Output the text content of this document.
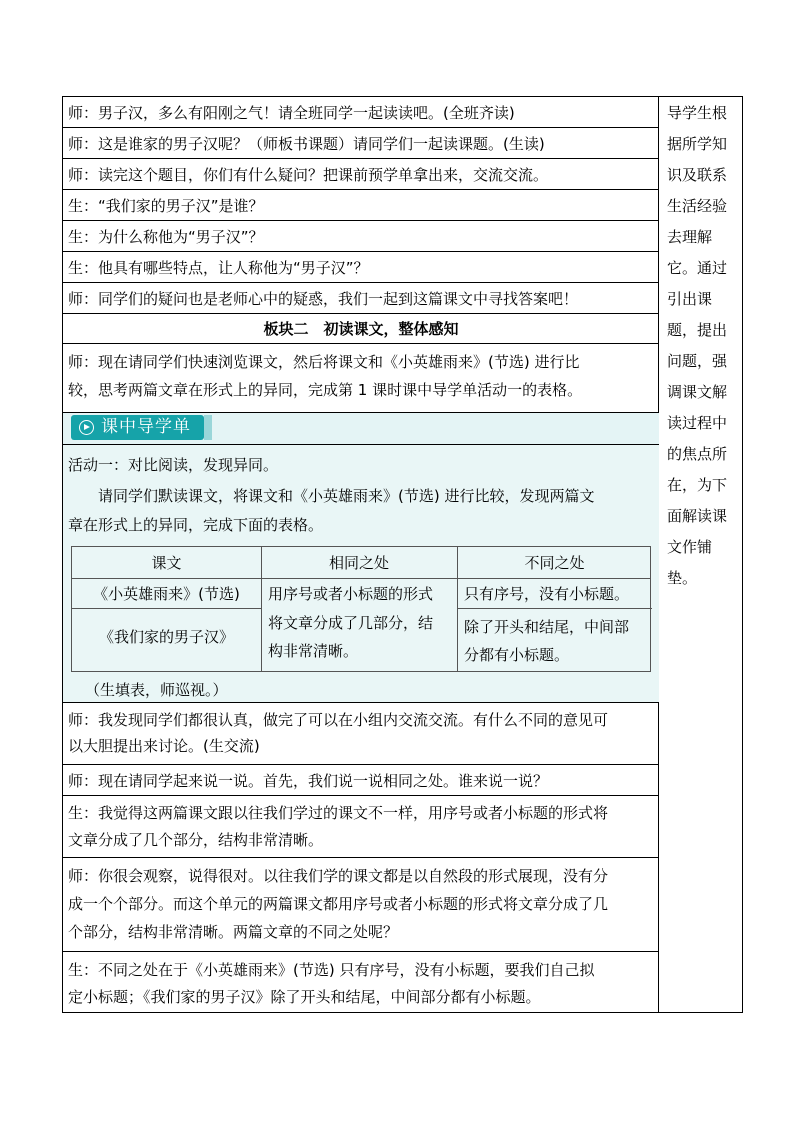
师：男子汉，多么有阳刚之气！请全班同学一起读读吧。(全班齐读)
师：这是谁家的男子汉呢？（师板书课题）请同学们一起读课题。(生读)
师：读完这个题目，你们有什么疑问？把课前预学单拿出来，交流交流。
生：“我们家的男子汉”是谁？
生：为什么称他为“男子汉”？
生：他具有哪些特点，让人称他为“男子汉”？
师：同学们的疑问也是老师心中的疑惑，我们一起到这篇课文中寻找答案吧！
板块二　初读课文，整体感知
师：现在请同学们快速浏览课文，然后将课文和《小英雄雨来》(节选) 进行比
较，思考两篇文章在形式上的异同，完成第 1 课时课中导学单活动一的表格。
课中导学单
活动一：对比阅读，发现异同。
请同学们默读课文，将课文和《小英雄雨来》(节选) 进行比较，发现两篇文
章在形式上的异同，完成下面的表格。
课文	相同之处	不同之处
《小英雄雨来》(节选)
《我们家的男子汉》
用序号或者小标题的形式
将文章分成了几部分，结
构非常清晰。
只有序号，没有小标题。
除了开头和结尾，中间部
分都有小标题。
（生填表，师巡视。）
师：我发现同学们都很认真，做完了可以在小组内交流交流。有什么不同的意见可
以大胆提出来讨论。(生交流)
师：现在请同学起来说一说。首先，我们说一说相同之处。谁来说一说？
生：我觉得这两篇课文跟以往我们学过的课文不一样，用序号或者小标题的形式将
文章分成了几个部分，结构非常清晰。
师：你很会观察，说得很对。以往我们学的课文都是以自然段的形式展现，没有分
成一个个部分。而这个单元的两篇课文都用序号或者小标题的形式将文章分成了几
个部分，结构非常清晰。两篇文章的不同之处呢？
生：不同之处在于《小英雄雨来》(节选) 只有序号，没有小标题，要我们自己拟
定小标题；《我们家的男子汉》除了开头和结尾，中间部分都有小标题。
导学生根
据所学知
识及联系
生活经验
去理解
它。通过
引出课
题，提出
问题，强
调课文解
读过程中
的焦点所
在，为下
面解读课
文作铺
垫。
